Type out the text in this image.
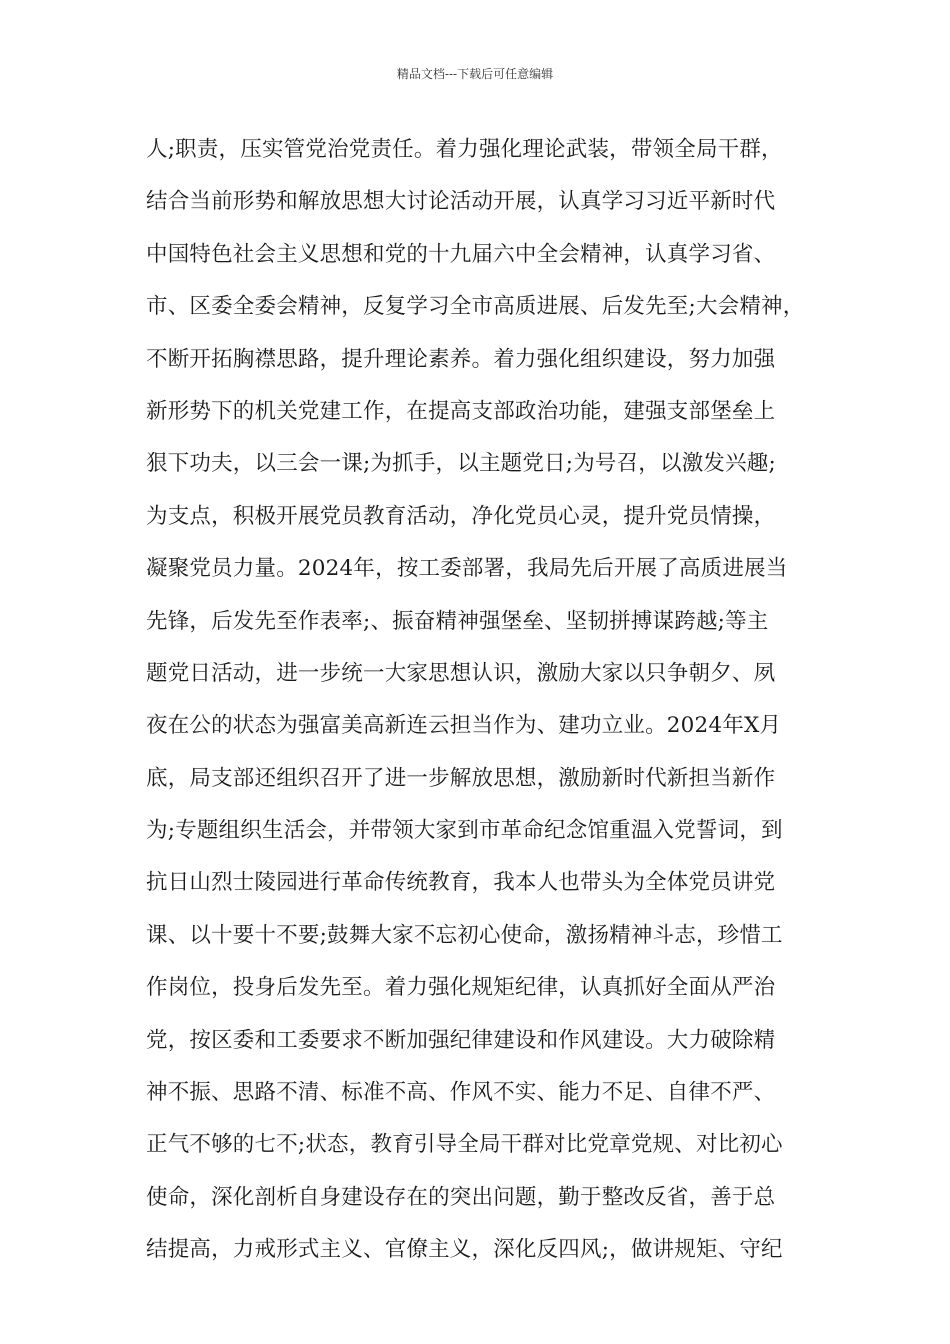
精品文档---下载后可任意编辑
人;职责，压实管党治党责任。着力强化理论武装，带领全局干群，
结合当前形势和解放思想大讨论活动开展，认真学习习近平新时代
中国特色社会主义思想和党的十九届六中全会精神，认真学习省、
市、区委全委会精神，反复学习全市高质进展、后发先至;大会精神，
不断开拓胸襟思路，提升理论素养。着力强化组织建设，努力加强
新形势下的机关党建工作，在提高支部政治功能，建强支部堡垒上
狠下功夫，以三会一课;为抓手，以主题党日;为号召，以激发兴趣;
为支点，积极开展党员教育活动，净化党员心灵，提升党员情操，
凝聚党员力量。2024年，按工委部署，我局先后开展了高质进展当
先锋，后发先至作表率;、振奋精神强堡垒、坚韧拼搏谋跨越;等主
题党日活动，进一步统一大家思想认识，激励大家以只争朝夕、夙
夜在公的状态为强富美高新连云担当作为、建功立业。2024年X月
底，局支部还组织召开了进一步解放思想，激励新时代新担当新作
为;专题组织生活会，并带领大家到市革命纪念馆重温入党誓词，到
抗日山烈士陵园进行革命传统教育，我本人也带头为全体党员讲党
课、以十要十不要;鼓舞大家不忘初心使命，激扬精神斗志，珍惜工
作岗位，投身后发先至。着力强化规矩纪律，认真抓好全面从严治
党，按区委和工委要求不断加强纪律建设和作风建设。大力破除精
神不振、思路不清、标准不高、作风不实、能力不足、自律不严、
正气不够的七不;状态，教育引导全局干群对比党章党规、对比初心
使命，深化剖析自身建设存在的突出问题，勤于整改反省，善于总
结提高，力戒形式主义、官僚主义，深化反四风;，做讲规矩、守纪
